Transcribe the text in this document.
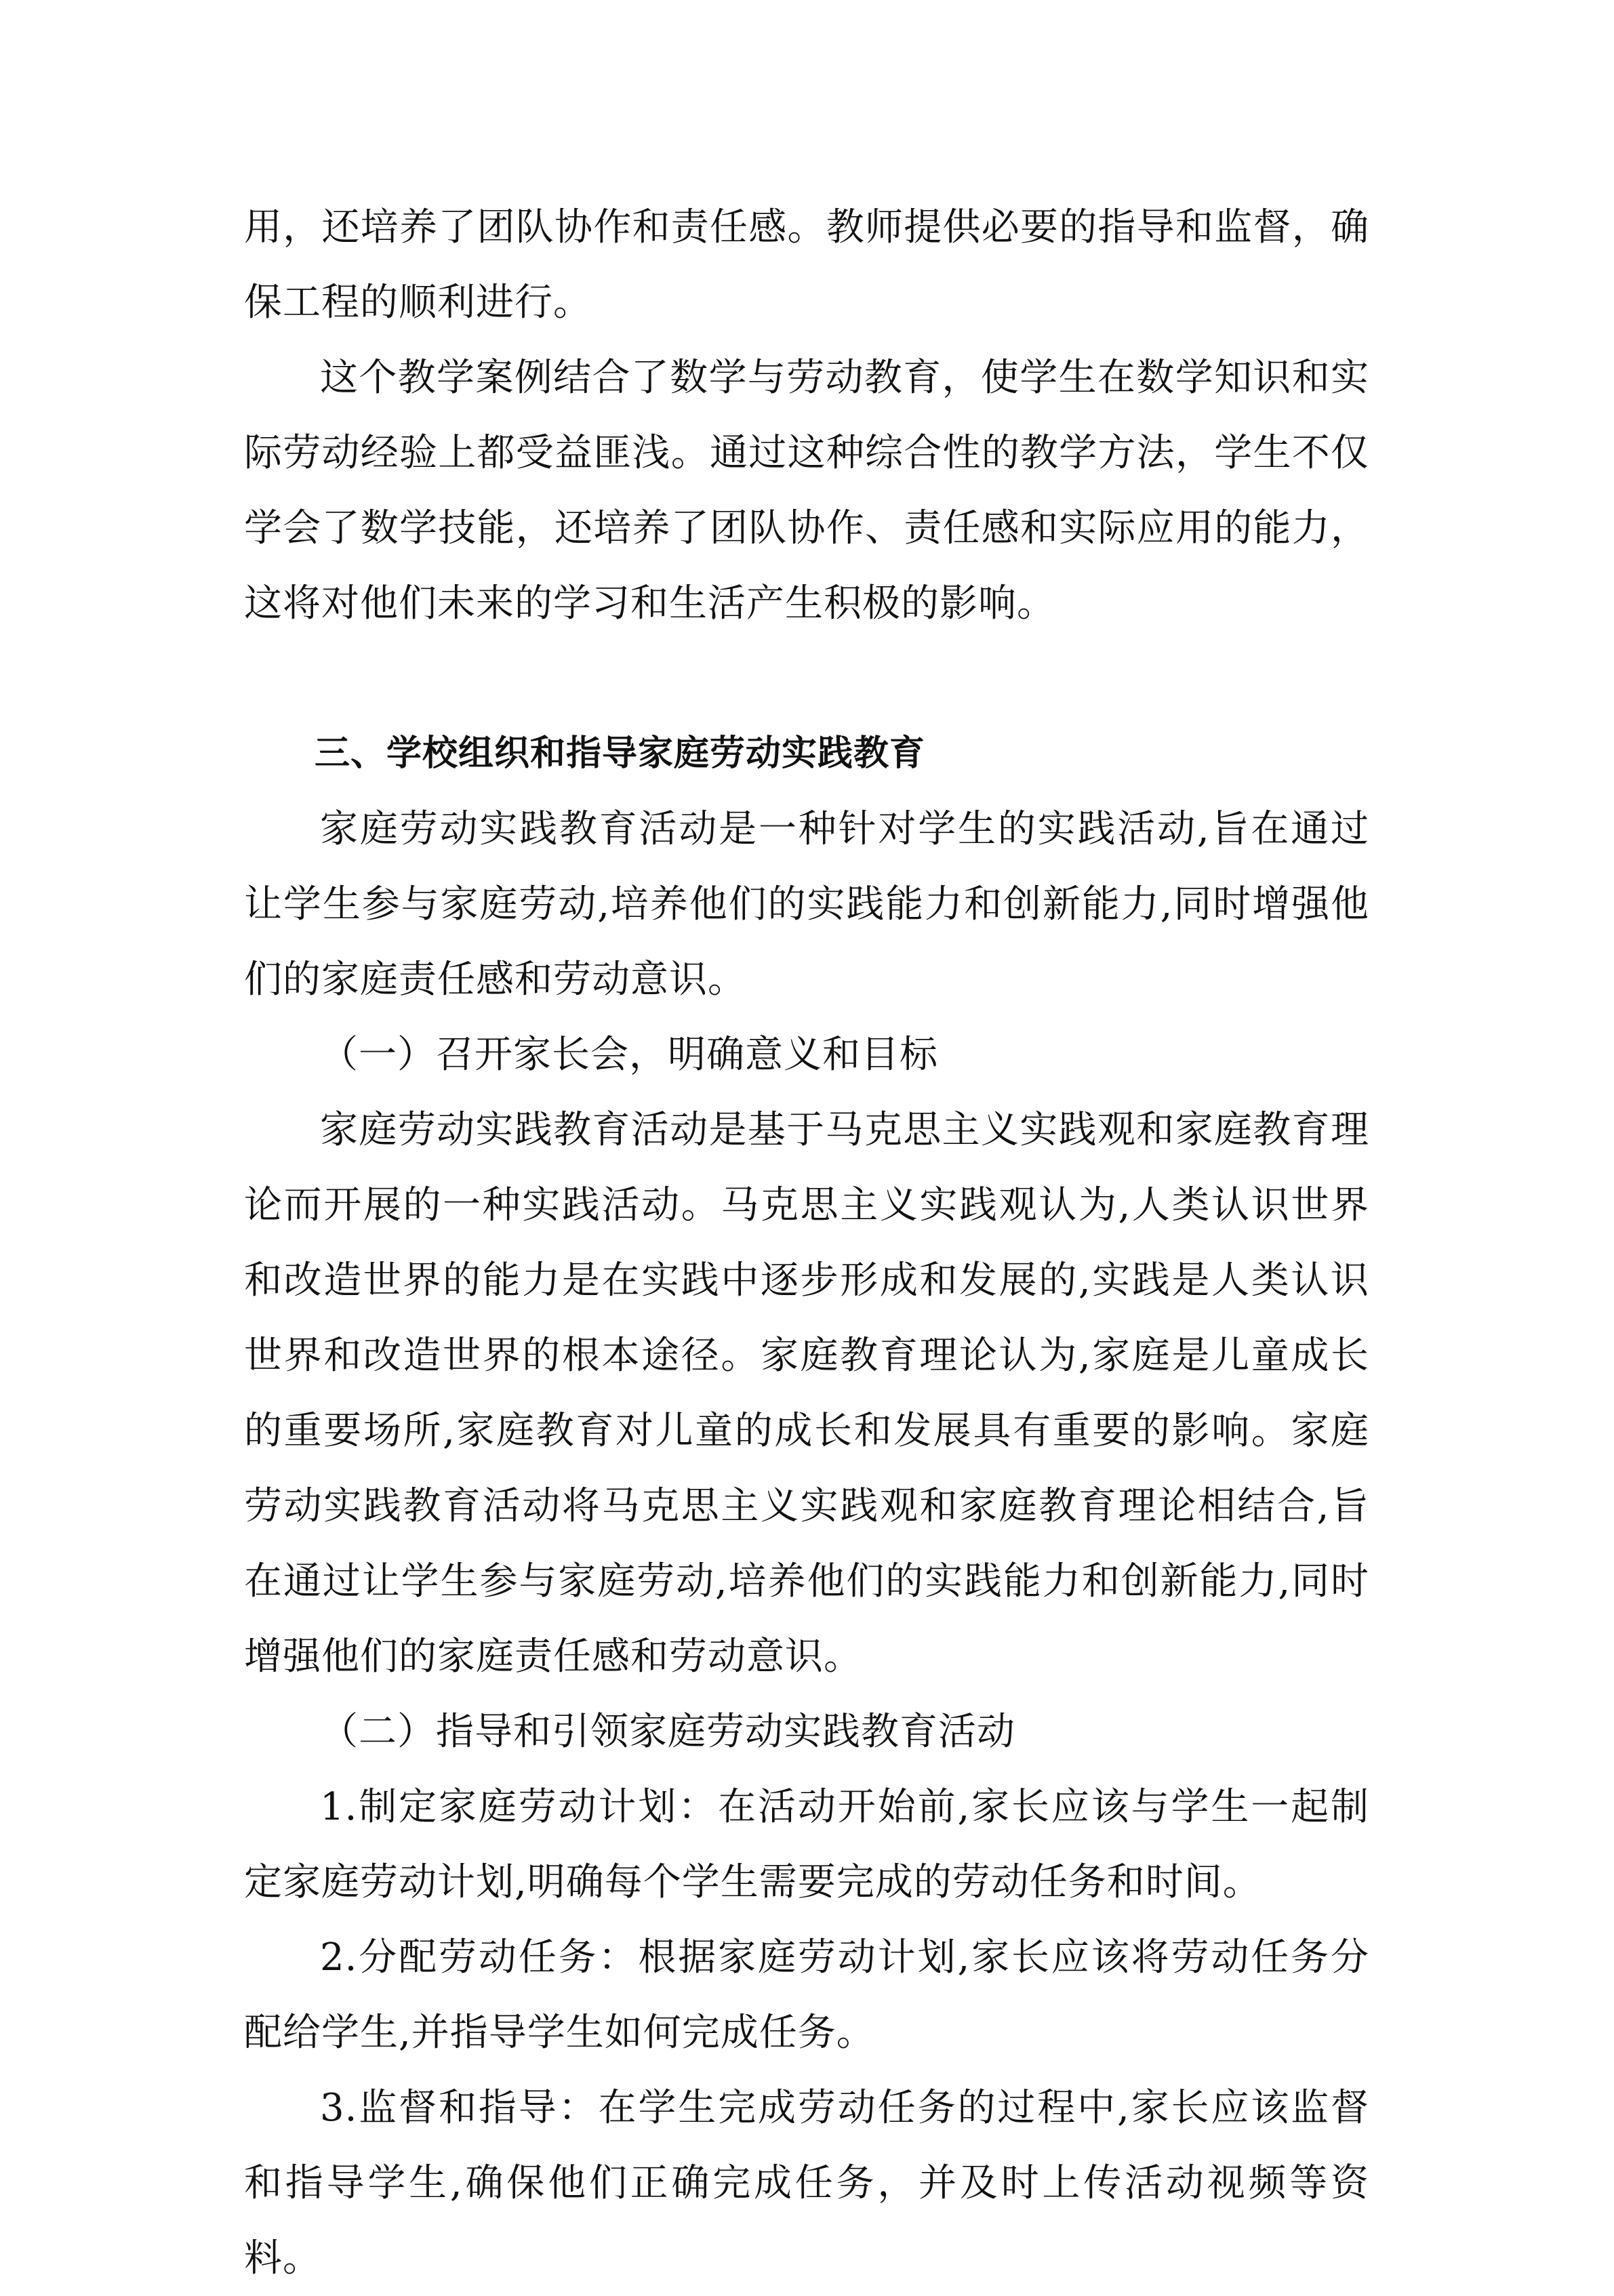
用，还培养了团队协作和责任感。教师提供必要的指导和监督，确保工程的顺利进行。

这个教学案例结合了数学与劳动教育，使学生在数学知识和实际劳动经验上都受益匪浅。通过这种综合性的教学方法，学生不仅学会了数学技能，还培养了团队协作、责任感和实际应用的能力，这将对他们未来的学习和生活产生积极的影响。

三、学校组织和指导家庭劳动实践教育

家庭劳动实践教育活动是一种针对学生的实践活动,旨在通过让学生参与家庭劳动,培养他们的实践能力和创新能力,同时增强他们的家庭责任感和劳动意识。

（一）召开家长会，明确意义和目标

家庭劳动实践教育活动是基于马克思主义实践观和家庭教育理论而开展的一种实践活动。马克思主义实践观认为,人类认识世界和改造世界的能力是在实践中逐步形成和发展的,实践是人类认识世界和改造世界的根本途径。家庭教育理论认为,家庭是儿童成长的重要场所,家庭教育对儿童的成长和发展具有重要的影响。家庭劳动实践教育活动将马克思主义实践观和家庭教育理论相结合,旨在通过让学生参与家庭劳动,培养他们的实践能力和创新能力,同时增强他们的家庭责任感和劳动意识。

（二）指导和引领家庭劳动实践教育活动

1.制定家庭劳动计划：在活动开始前,家长应该与学生一起制定家庭劳动计划,明确每个学生需要完成的劳动任务和时间。

2.分配劳动任务：根据家庭劳动计划,家长应该将劳动任务分配给学生,并指导学生如何完成任务。

3.监督和指导：在学生完成劳动任务的过程中,家长应该监督和指导学生,确保他们正确完成任务，并及时上传活动视频等资料。
